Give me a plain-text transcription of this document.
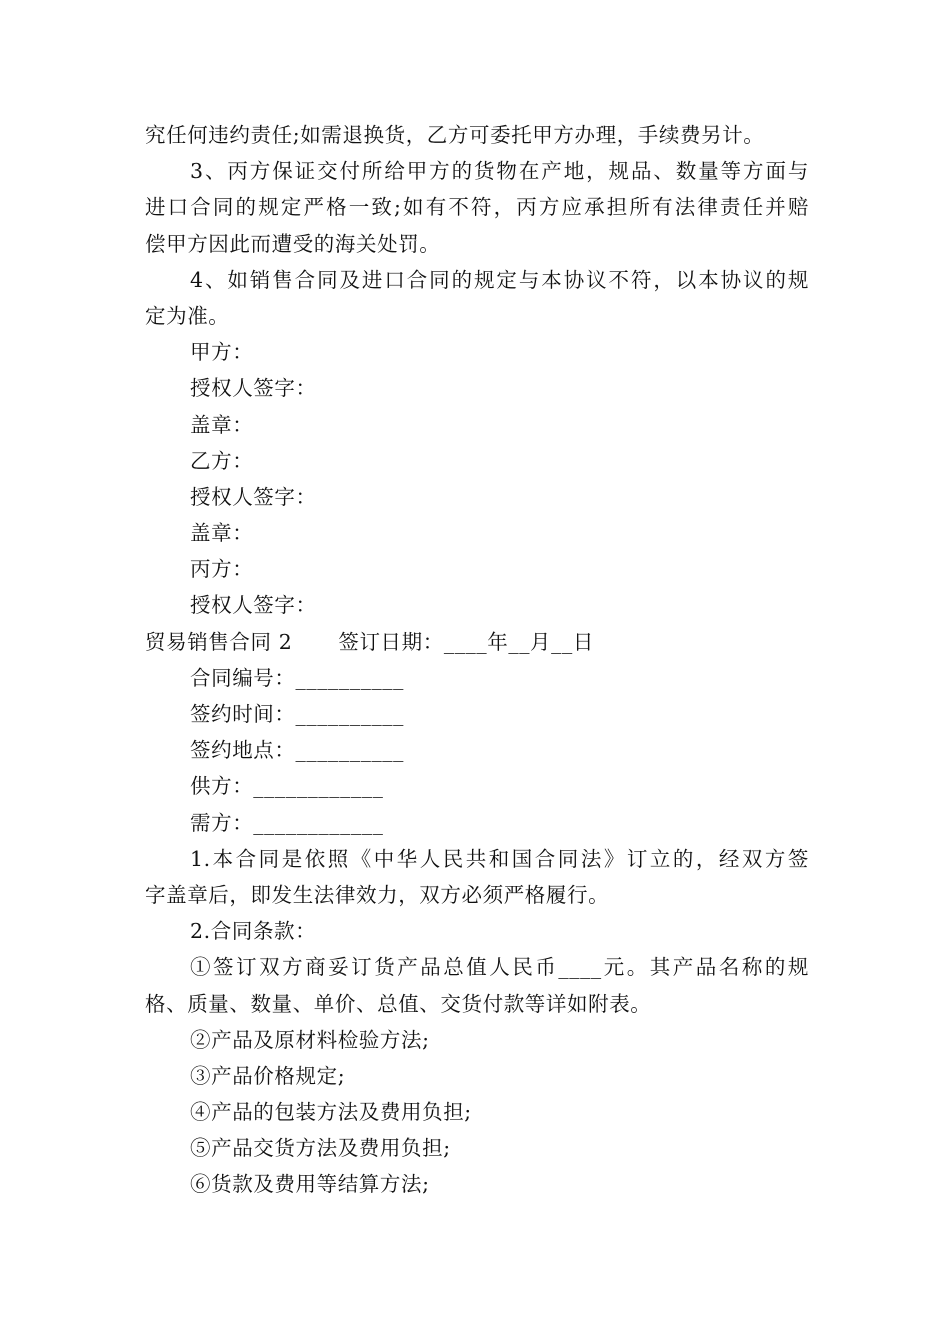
究任何违约责任;如需退换货，乙方可委托甲方办理，手续费另计。
3、丙方保证交付所给甲方的货物在产地，规品、数量等方面与
进口合同的规定严格一致;如有不符，丙方应承担所有法律责任并赔
偿甲方因此而遭受的海关处罚。
4、如销售合同及进口合同的规定与本协议不符，以本协议的规
定为准。
甲方：
授权人签字：
盖章：
乙方：
授权人签字：
盖章：
丙方：
授权人签字：
贸易销售合同 2 签订日期：____年__月__日
合同编号：__________
签约时间：__________
签约地点：__________
供方：____________
需方：____________
1.本合同是依照《中华人民共和国合同法》订立的，经双方签
字盖章后，即发生法律效力，双方必须严格履行。
2.合同条款：
①签订双方商妥订货产品总值人民币____元。其产品名称的规
格、质量、数量、单价、总值、交货付款等详如附表。
②产品及原材料检验方法;
③产品价格规定;
④产品的包装方法及费用负担;
⑤产品交货方法及费用负担;
⑥货款及费用等结算方法;
